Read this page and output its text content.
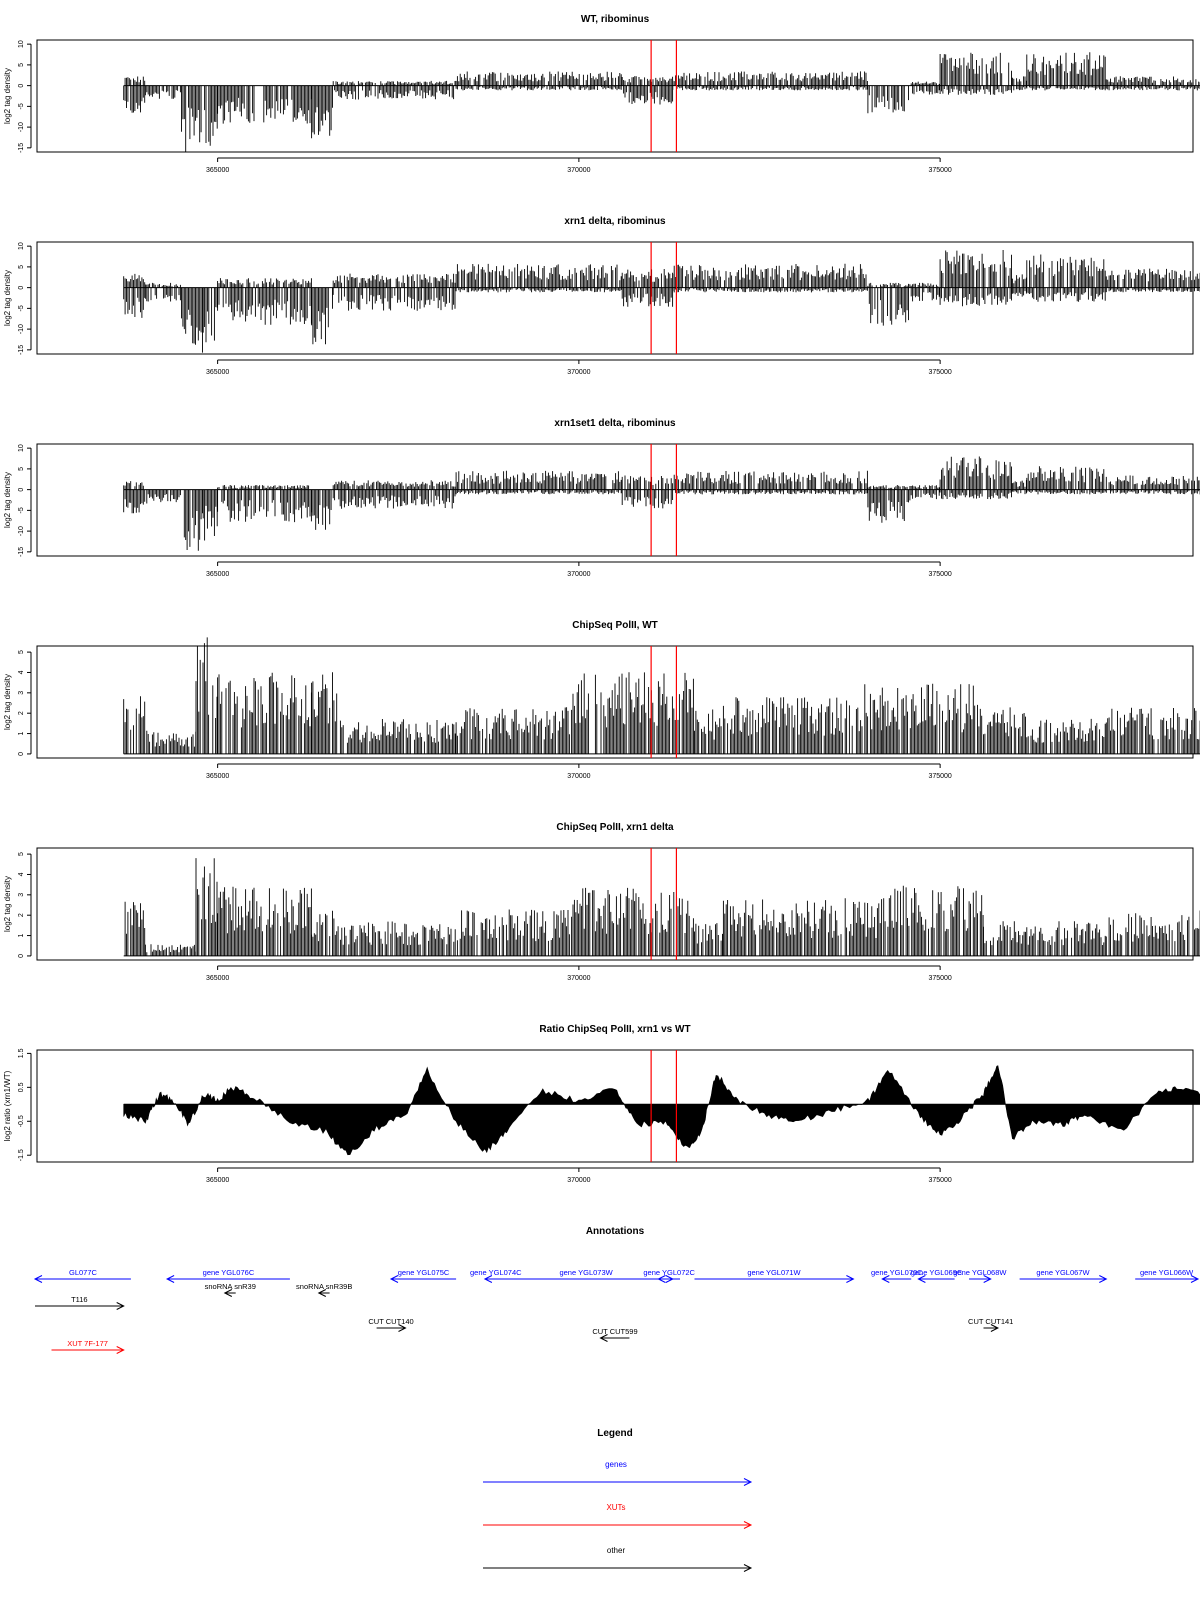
WT, ribominus
log2 tag density
10
5
0
-5
-10
-15
365000	370000	375000
xrn1 delta, ribominus
log2 tag density
10
5
0
-5
-10
-15
365000	370000	375000
xrn1set1 delta, ribominus
log2 tag density
10
5
0
-5
-10
-15
365000	370000	375000
ChipSeq PolII, WT
log2 tag density
0
1
2
3
4
5
365000	370000	375000
ChipSeq PolII, xrn1 delta
log2 tag density
0
1
2
3
4
5
365000	370000	375000
Ratio ChipSeq PolII, xrn1 vs WT
log2 ratio (xrn1/WT)
1.5
0.5
-0.5
-1.5
365000	370000	375000
Annotations
GL077C	gene YGL076C	gene YGL075C	gene YGL074C	gene YGL073W	gene YGL072C	gene YGL071W	gene YGL070C
gene YGL069C
gene YGL068W	gene YGL067W	gene YGL066W
snoRNA snR39	snoRNA snR39B
T116
CUT CUT140	CUT CUT141
CUT CUT599
XUT 7F-177
Legend
genes
XUTs
other
